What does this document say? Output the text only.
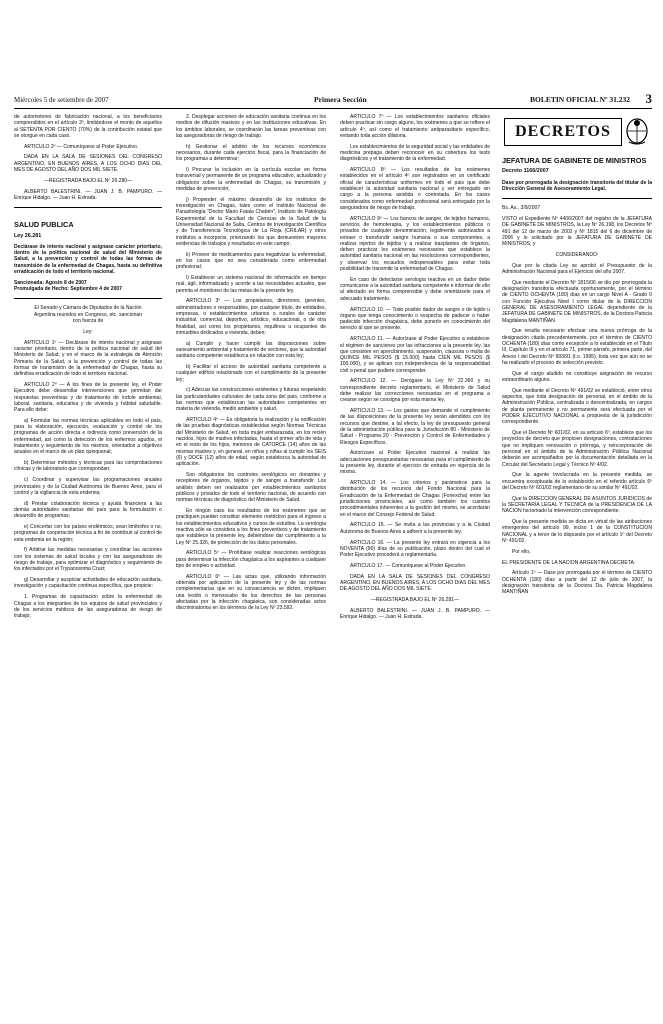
Miércoles 5 de setiembre de 2007	Primera Sección	BOLETIN OFICIAL Nº 31.232 3

de automotores de fabricación nacional, a los beneficiarios comprendidos en el artículo 3º, limitándose el monto de aquellos al SETENTA POR CIENTO (70%) de la contribución estatal que se otorgue en cada caso.

ARTICULO 2º — Comuníquese al Poder Ejecutivo.

DADA EN LA SALA DE SESIONES DEL CONGRESO ARGENTINO, EN BUENOS AIRES, A LOS OCHO DIAS DEL MES DE AGOSTO DEL AÑO DOS MIL SIETE.

—REGISTRADA BAJO EL Nº 26.280—

ALBERTO BALESTRINI. — JUAN J. B. PAMPURO. — Enrique Hidalgo. — Juan H. Estrada.

SALUD PUBLICA

Ley 26.281

Declárase de interés nacional y asígnase carácter prioritario, dentro de la política nacional de salud del Ministerio de Salud, a la prevención y control de todas las formas de transmisión de la enfermedad de Chagas, hasta su definitiva erradicación de todo el territorio nacional.

Sancionada: Agosto 8 de 2007

Promulgada de Hecho: Septiembre 4 de 2007

El Senado y Cámara de Diputados de la Nación Argentina reunidos en Congreso, etc. sancionan con fuerza de

Ley:

ARTICULO 1º — Declárase de interés nacional y asígnase carácter prioritario, dentro de la política nacional de salud del Ministerio de Salud, y en el marco de la estrategia de Atención Primaria de la Salud, a la prevención y control de todas las formas de transmisión de la enfermedad de Chagas, hasta su definitiva erradicación de todo el territorio nacional.

ARTICULO 2º — A los fines de la presente ley, el Poder Ejecutivo debe desarrollar intervenciones que permitan dar respuestas preventivas y de tratamiento de índole ambiental, laboral, sanitaria, educativa y de vivienda y hábitat saludable. Para ello debe:

a) Formular las normas técnicas aplicables en todo el país, para la elaboración, ejecución, evaluación y control de los programas de acción directa e indirecta como prevención de la enfermedad, así como la detección de los enfermos agudos, el tratamiento y seguimiento de los mismos, orientados a objetivos anuales en el marco de un plan quinquenal;

b) Determinar métodos y técnicas para las comprobaciones clínicas y de laboratorio que correspondan;

c) Coordinar y supervisar las programaciones anuales provinciales y de la Ciudad Autónoma de Buenos Aires, para el control y la vigilancia de esta endemia;

d) Prestar colaboración técnica y ayuda financiera a las demás autoridades sanitarias del país para la formulación o desarrollo de programas;

e) Concertar con los países endémicos, sean limítrofes o no, programas de cooperación técnica a fin de contribuir al control de esta endemia en la región;

f) Arbitrar las medidas necesarias y coordinar las acciones con los sistemas de salud locales y con las aseguradoras de riesgo de trabajo, para optimizar el diagnóstico y seguimiento de los infectados por el Trypanosoma Cruzi;

g) Desarrollar y auspiciar actividades de educación sanitaria, investigación y capacitación continua específica, que propicie:

1. Programas de capacitación sobre la enfermedad de Chagas a los integrantes de los equipos de salud provinciales y de los servicios médicos de las aseguradoras de riesgo de trabajo;

2. Desplegar acciones de educación sanitaria continua en los medios de difusión masivos y en las instituciones educativas. En los ámbitos laborales, se coordinarán las tareas preventivas con las aseguradoras de riesgo de trabajo.

h) Gestionar el arbitrio de los recursos económicos necesarios, durante cada ejercicio fiscal, para la financiación de los programas a determinar;

i) Procurar la inclusión en la currícula escolar en forma transversal y permanente de un programa educativo, actualizado y obligatorio sobre la enfermedad de Chagas, su transmisión y medidas de prevención;

j) Propender el máximo desarrollo de los institutos de investigación en Chagas, tales como el Instituto Nacional de Parasitología "Doctor Mario Fatala Chabén", Instituto de Patología Experimental de la Facultad de Ciencias de la Salud de la Universidad Nacional de Salta, Centros de Investigación Científica y de Transferencia Tecnológica de La Rioja (CRILAR) y otros institutos a incorporar, priorizando los que demuestren mayores evidencias de trabajos y resultados en este campo;

k) Proveer de medicamentos para negativizar la enfermedad, en los casos que no sea considerada como enfermedad profesional;

l) Establecer un sistema nacional de información en tiempo real, ágil, informatizado y acorde a las necesidades actuales, que permita el monitoreo de las metas de la presente ley.

ARTICULO 3º — Los propietarios, directores, gerentes, administradores o responsables, por cualquier título, de entidades, empresas, o establecimientos urbanos o rurales de carácter industrial, comercial, deportivo, artístico, educacional, o de otra finalidad, así como los propietarios, inquilinos u ocupantes de inmuebles dedicados a vivienda, deben:

a) Cumplir y hacer cumplir las disposiciones sobre saneamiento ambiental y tratamiento de vectores, que la autoridad sanitaria competente establezca en relación con esta ley;

b) Facilitar el acceso de autoridad sanitaria competente a cualquier edificio relacionado con el cumplimiento de la presente ley;

c) Adecuar las construcciones existentes y futuras respetando las particularidades culturales de cada zona del país, conforme a las normas que establezcan las autoridades competentes en materia de vivienda, medio ambiente y salud.

ARTICULO 4º — Es obligatoria la realización y la notificación de las pruebas diagnósticas establecidas según Normas Técnicas del Ministerio de Salud, en toda mujer embarazada, en los recién nacidos, hijos de madres infectadas, hasta el primer año de vida y en el resto de los hijos, menores de CATORCE (14) años de las mismas madres y, en general, en niños y niñas al cumplir los SEIS (6) y DOCE (12) años de edad, según establezca la autoridad de aplicación.

Son obligatorios los controles serológicos en donantes y receptores de órganos, tejidos y de sangre a transfundir. Los análisis deben ser realizados por establecimientos sanitarios públicos y privados de todo el territorio nacional, de acuerdo con normas técnicas de diagnóstico del Ministerio de Salud.

En ningún caso los resultados de los exámenes que se practiquen pueden constituir elemento restrictivo para el ingreso a los establecimientos educativos y cursos de estudios. La serología reactiva sólo se considera a los fines preventivos y de tratamiento que establece la presente ley, debiéndose dar cumplimiento a la Ley Nº 25.326, de protección de los datos personales.

ARTICULO 5º — Prohíbase realizar reacciones serológicas para determinar la infección chagásica a los aspirantes a cualquier tipo de empleo o actividad.

ARTICULO 6º — Las actas que, utilizando información obtenida por aplicación de la presente ley y de las normas complementarias que en su consecuencia se dicten, impliquen una lesión o menoscabo de los derechos de las personas afectadas por la infección chagásica, son consideradas actos discriminatorios en los términos de la Ley Nº 23.592.

ARTICULO 7º — Los establecimientos sanitarios oficiales deben practicar sin cargo alguno, los exámenes a que se refiere el artículo 4º, así como el tratamiento antiparasitario específico, evitando toda acción dilatoria.

Los establecimientos de la seguridad social y las entidades de medicina prepaga deben reconocer en su cobertura los tests diagnósticos y el tratamiento de la enfermedad.

ARTICULO 8º — Los resultados de los exámenes establecidos en el artículo 4º son registrados en un certificado oficial de características uniformes en todo el país que debe establecer la autoridad sanitaria nacional y ser entregado sin cargo a la persona asistida o controlada. En los casos considerados como enfermedad profesional será entregado por la aseguradora de riesgo de trabajo.

ARTICULO 9º — Los bancos de sangre, de tejidos humanos, servicios de hemoterapia, y los establecimientos públicos o privados de cualquier denominación, legalmente autorizados a extraer o transfundir sangre humana o sus componentes, a realizar injertos de tejidos y a realizar trasplantes de órganos, deben practicar los exámenes necesarios que establece la autoridad sanitaria nacional en las resoluciones correspondientes, y observar los recaudos indispensables para evitar toda posibilidad de transmitir la enfermedad de Chagas.

En caso de detectarse serología reactiva en un dador debe comunicarse a la autoridad sanitaria competente e informar de ello al afectado en forma comprensible y debe orientársele para el adecuado tratamiento.

ARTICULO 10. — Todo posible dador de sangre o de tejido u órgano que tenga conocimiento o sospecha de padecer o haber padecido infección chagásica, debe ponerlo en conocimiento del servicio al que se presente.

ARTICULO 11. — Autorízase al Poder Ejecutivo a establecer el régimen de sanciones por las infracciones a la presente ley, las que consisten en apercibimiento, suspensión, clausura o multa de QUINCE MIL PESOS ($ 15.000) hasta CIEN MIL PESOS ($ 100.000), y se aplican con independencia de la responsabilidad civil o penal que pudiere corresponder.

ARTICULO 12. — Derógase la Ley Nº 22.360 y su correspondiente decreto reglamentario, el Ministerio de Salud debe realizar las correcciones necesarias en el programa a crearse según se consigna por esta misma ley.

ARTICULO 13. — Los gastos que demande el cumplimiento de las disposiciones de la presente ley serán atendidos con los recursos que destine, a tal efecto, la ley de presupuesto general de la administración pública para la Jurisdicción 80 - Ministerio de Salud - Programa 20 - Prevención y Control de Enfermedades y Riesgos Específicos.

Autorízase al Poder Ejecutivo nacional a realizar las adecuaciones presupuestarias necesarias para el cumplimiento de la presente ley, durante el ejercicio de entrada en vigencia de la misma.

ARTICULO 14. — Los criterios y parámetros para la distribución de los recursos del Fondo Nacional para la Erradicación de la Enfermedad de Chagas (Fonexcha) entre las jurisdicciones provinciales, así como también los cuentos procedimientales inherentes a la gestión del mismo, se acordarán en el marco del Consejo Federal de Salud.

ARTICULO 15. — Se invita a las provincias y a la Ciudad Autónoma de Buenos Aires a adherir a la presente ley.

ARTICULO 16. — La presente ley entrará en vigencia a los NOVENTA (90) días de su publicación, plazo dentro del cual el Poder Ejecutivo procederá a reglamentarla.

ARTICULO 17. — Comuníquese al Poder Ejecutivo.

DADA EN LA SALA DE SESIONES DEL CONGRESO ARGENTINO, EN BUENOS AIRES, A LOS OCHO DIAS DEL MES DE AGOSTO DEL AÑO DOS MIL SIETE.

—REGISTRADA BAJO EL Nº 26.281—

ALBERTO BALESTRINI. — JUAN J. B. PAMPURO. — Enrique Hidalgo. — Juan H. Estrada.

DECRETOS

JEFATURA DE GABINETE DE MINISTROS

Decreto 1166/2007

Dase por prorrogada la designación transitoria del titular de la Dirección General de Asesoramiento Legal.

Bs. As., 3/9/2007

VISTO el Expediente Nº 4406/2007 del registro de la JEFATURA DE GABINETE DE MINISTROS, la Ley Nº 26.198, los Decretos Nº 491 del 12 de marzo de 2002 y Nº 1815 del 6 de diciembre de 2006 y lo solicitado por la JEFATURA DE GABINETE DE MINISTROS, y

CONSIDERANDO:

Que por la citada Ley se aprobó el Presupuesto de la Administración Nacional para el Ejercicio del año 2007.

Que mediante el Decreto Nº 1815/06 se dio por prorrogada la designación transitoria efectuada oportunamente, por el término de CIENTO OCHENTA (180) días en un cargo Nivel A - Grado 0 con Función Ejecutiva Nivel I como titular de la DIRECCION GENERAL DE ASESORAMIENTO LEGAL dependiente de la JEFATURA DE GABINETE DE MINISTROS, de la Doctora Patricia Magdalena MANTIÑAN.

Que resulta necesario efectuar una nueva prórroga de la designación citada precedentemente, por el término de CIENTO OCHENTA (180) días como excepción a lo establecido en el Título III, Capítulo III y en el artículo 71, primer párrafo, primera parte, del Anexo I del Decreto Nº 993/91 (t.o. 1995), toda vez que aún no se ha realizado el proceso de selección previsto.

Que el cargo aludido no constituye asignación de recurso extraordinario alguno.

Que mediante el Decreto Nº 491/02 se estableció, entre otros aspectos, que toda designación de personal, en el ámbito de la Administración Pública, centralizada o descentralizada, en cargos de planta permanente y no permanente será efectuada por el PODER EJECUTIVO NACIONAL a propuesta de la jurisdicción correspondiente.

Que el Decreto Nº 601/02, en su artículo 6º, establece que los proyectos de decreto que propicien designaciones, contrataciones que no impliquen renovación o prórroga, y reincorporación de personal en el ámbito de la Administración Pública Nacional deberán ser acompañados por la documentación detallada en la Circular del Secretario Legal y Técnico Nº 4/02.

Que la agente involucrada en la presente medida, se encuentra exceptuada de lo establecido en el referido artículo 6º del Decreto Nº 601/02 reglamentario de su similar Nº 491/02.

Que la DIRECCION GENERAL DE ASUNTOS JURIDICOS de la SECRETARIA LEGAL Y TECNICA de la PRESIDENCIA DE LA NACION ha tomado la intervención correspondiente.

Que la presente medida se dicta en virtud de las atribuciones emergentes del artículo 99, inciso 1 de la CONSTITUCION NACIONAL y a tenor de lo dispuesto por el artículo 1º del Decreto Nº 491/02.

Por ello,

EL PRESIDENTE DE LA NACION ARGENTINA DECRETA:

Artículo 1º — Dase por prorrogada por el término de CIENTO OCHENTA (180) días a partir del 12 de julio de 2007, la designación transitoria de la Doctora Da. Patricia Magdalena MANTIÑAN
